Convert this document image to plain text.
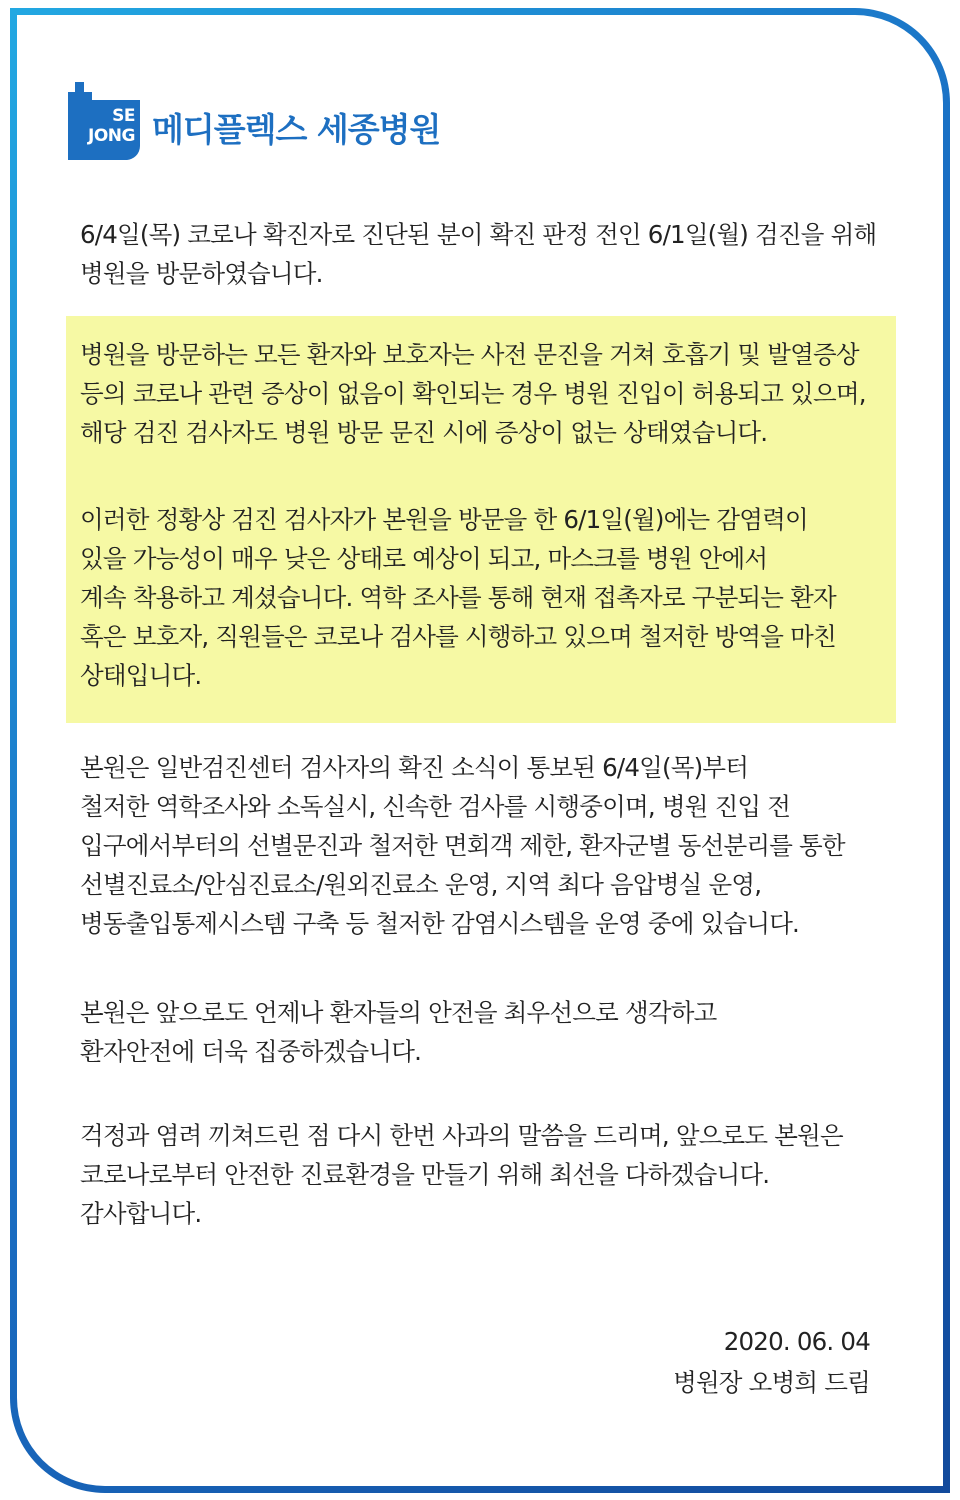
SE
JONG 메디플렉스 세종병원

6/4일(목) 코로나 확진자로 진단된 분이 확진 판정 전인 6/1일(월) 검진을 위해
병원을 방문하였습니다.

병원을 방문하는 모든 환자와 보호자는 사전 문진을 거쳐 호흡기 및 발열증상
등의 코로나 관련 증상이 없음이 확인되는 경우 병원 진입이 허용되고 있으며,
해당 검진 검사자도 병원 방문 문진 시에 증상이 없는 상태였습니다.

이러한 정황상 검진 검사자가 본원을 방문을 한 6/1일(월)에는 감염력이
있을 가능성이 매우 낮은 상태로 예상이 되고, 마스크를 병원 안에서
계속 착용하고 계셨습니다. 역학 조사를 통해 현재 접촉자로 구분되는 환자
혹은 보호자, 직원들은 코로나 검사를 시행하고 있으며 철저한 방역을 마친
상태입니다.

본원은 일반검진센터 검사자의 확진 소식이 통보된 6/4일(목)부터
철저한 역학조사와 소독실시, 신속한 검사를 시행중이며, 병원 진입 전
입구에서부터의 선별문진과 철저한 면회객 제한, 환자군별 동선분리를 통한
선별진료소/안심진료소/원외진료소 운영, 지역 최다 음압병실 운영,
병동출입통제시스템 구축 등 철저한 감염시스템을 운영 중에 있습니다.

본원은 앞으로도 언제나 환자들의 안전을 최우선으로 생각하고
환자안전에 더욱 집중하겠습니다.

걱정과 염려 끼쳐드린 점 다시 한번 사과의 말씀을 드리며, 앞으로도 본원은
코로나로부터 안전한 진료환경을 만들기 위해 최선을 다하겠습니다.
감사합니다.

2020. 06. 04
병원장 오병희 드림
